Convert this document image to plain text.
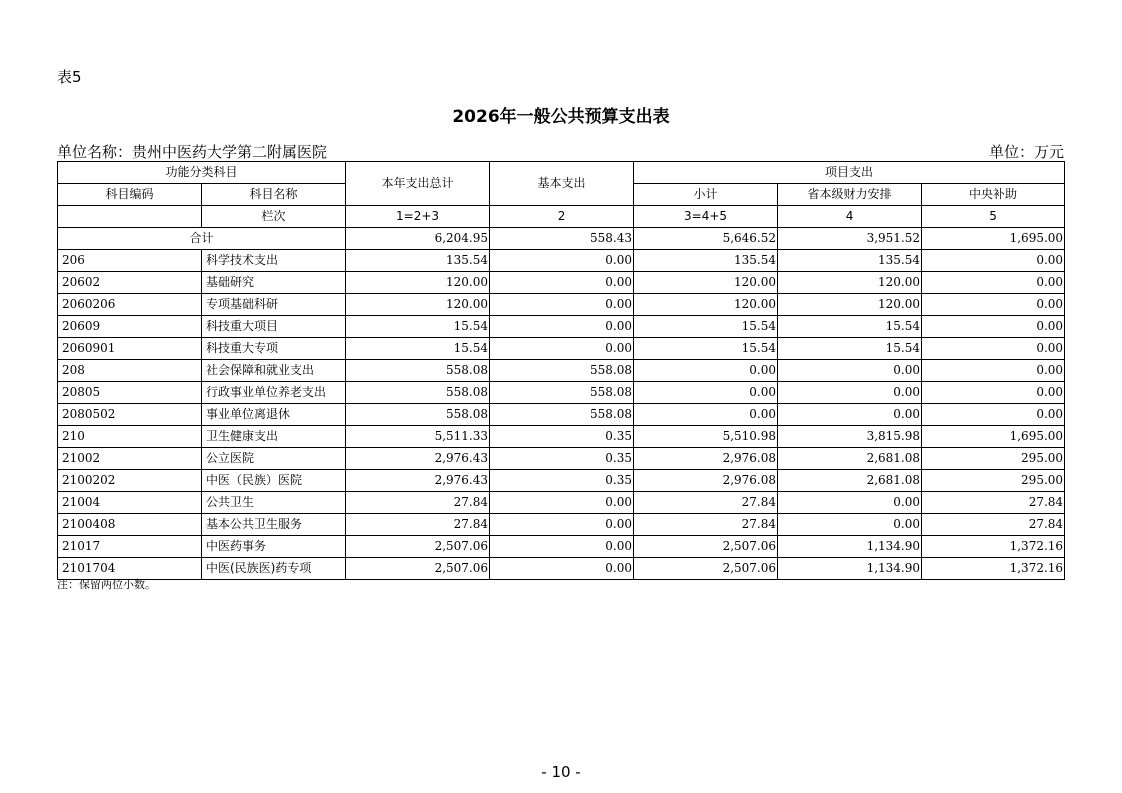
表5
2026年一般公共预算支出表
单位名称：贵州中医药大学第二附属医院	单位：万元
功能分类科目		本年支出总计	基本支出	项目支出		
科目编码	科目名称			小计	省本级财力安排	中央补助
	栏次	1=2+3	2	3=4+5	4	5
合计		6,204.95	558.43	5,646.52	3,951.52	1,695.00
206	科学技术支出	135.54	0.00	135.54	135.54	0.00
20602	基础研究	120.00	0.00	120.00	120.00	0.00
2060206	专项基础科研	120.00	0.00	120.00	120.00	0.00
20609	科技重大项目	15.54	0.00	15.54	15.54	0.00
2060901	科技重大专项	15.54	0.00	15.54	15.54	0.00
208	社会保障和就业支出	558.08	558.08	0.00	0.00	0.00
20805	行政事业单位养老支出	558.08	558.08	0.00	0.00	0.00
2080502	事业单位离退休	558.08	558.08	0.00	0.00	0.00
210	卫生健康支出	5,511.33	0.35	5,510.98	3,815.98	1,695.00
21002	公立医院	2,976.43	0.35	2,976.08	2,681.08	295.00
2100202	中医（民族）医院	2,976.43	0.35	2,976.08	2,681.08	295.00
21004	公共卫生	27.84	0.00	27.84	0.00	27.84
2100408	基本公共卫生服务	27.84	0.00	27.84	0.00	27.84
21017	中医药事务	2,507.06	0.00	2,507.06	1,134.90	1,372.16
2101704	中医(民族医)药专项	2,507.06	0.00	2,507.06	1,134.90	1,372.16
注：保留两位小数。
- 10 -
